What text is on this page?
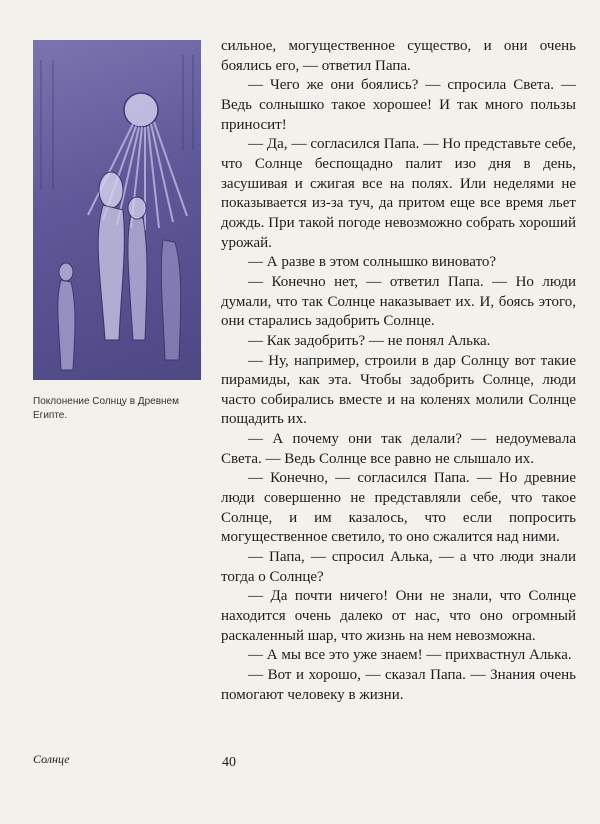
Поклонение Солнцу в Древнем Египте.

сильное, могущественное существо, и они очень боялись его, — ответил Папа.

— Чего же они боялись? — спросила Света. — Ведь солнышко такое хорошее! И так много пользы приносит!

— Да, — согласился Папа. — Но представьте себе, что Солнце беспощадно палит изо дня в день, засушивая и сжигая все на полях. Или неделями не показывается из-за туч, да притом еще все время льет дождь. При такой погоде невозможно собрать хороший урожай.

— А разве в этом солнышко виновато?

— Конечно нет, — ответил Папа. — Но люди думали, что так Солнце наказывает их. И, боясь этого, они старались задобрить Солнце.

— Как задобрить? — не понял Алька.

— Ну, например, строили в дар Солнцу вот такие пирамиды, как эта. Чтобы задобрить Солнце, люди часто собирались вместе и на коленях молили Солнце пощадить их.

— А почему они так делали? — недоумевала Света. — Ведь Солнце все равно не слышало их.

— Конечно, — согласился Папа. — Но древние люди совершенно не представляли себе, что такое Солнце, и им казалось, что если попросить могущественное светило, то оно сжалится над ними.

— Папа, — спросил Алька, — а что люди знали тогда о Солнце?

— Да почти ничего! Они не знали, что Солнце находится очень далеко от нас, что оно огромный раскаленный шар, что жизнь на нем невозможна.

— А мы все это уже знаем! — прихвастнул Алька.

— Вот и хорошо, — сказал Папа. — Знания очень помогают человеку в жизни.

Солнце	40
